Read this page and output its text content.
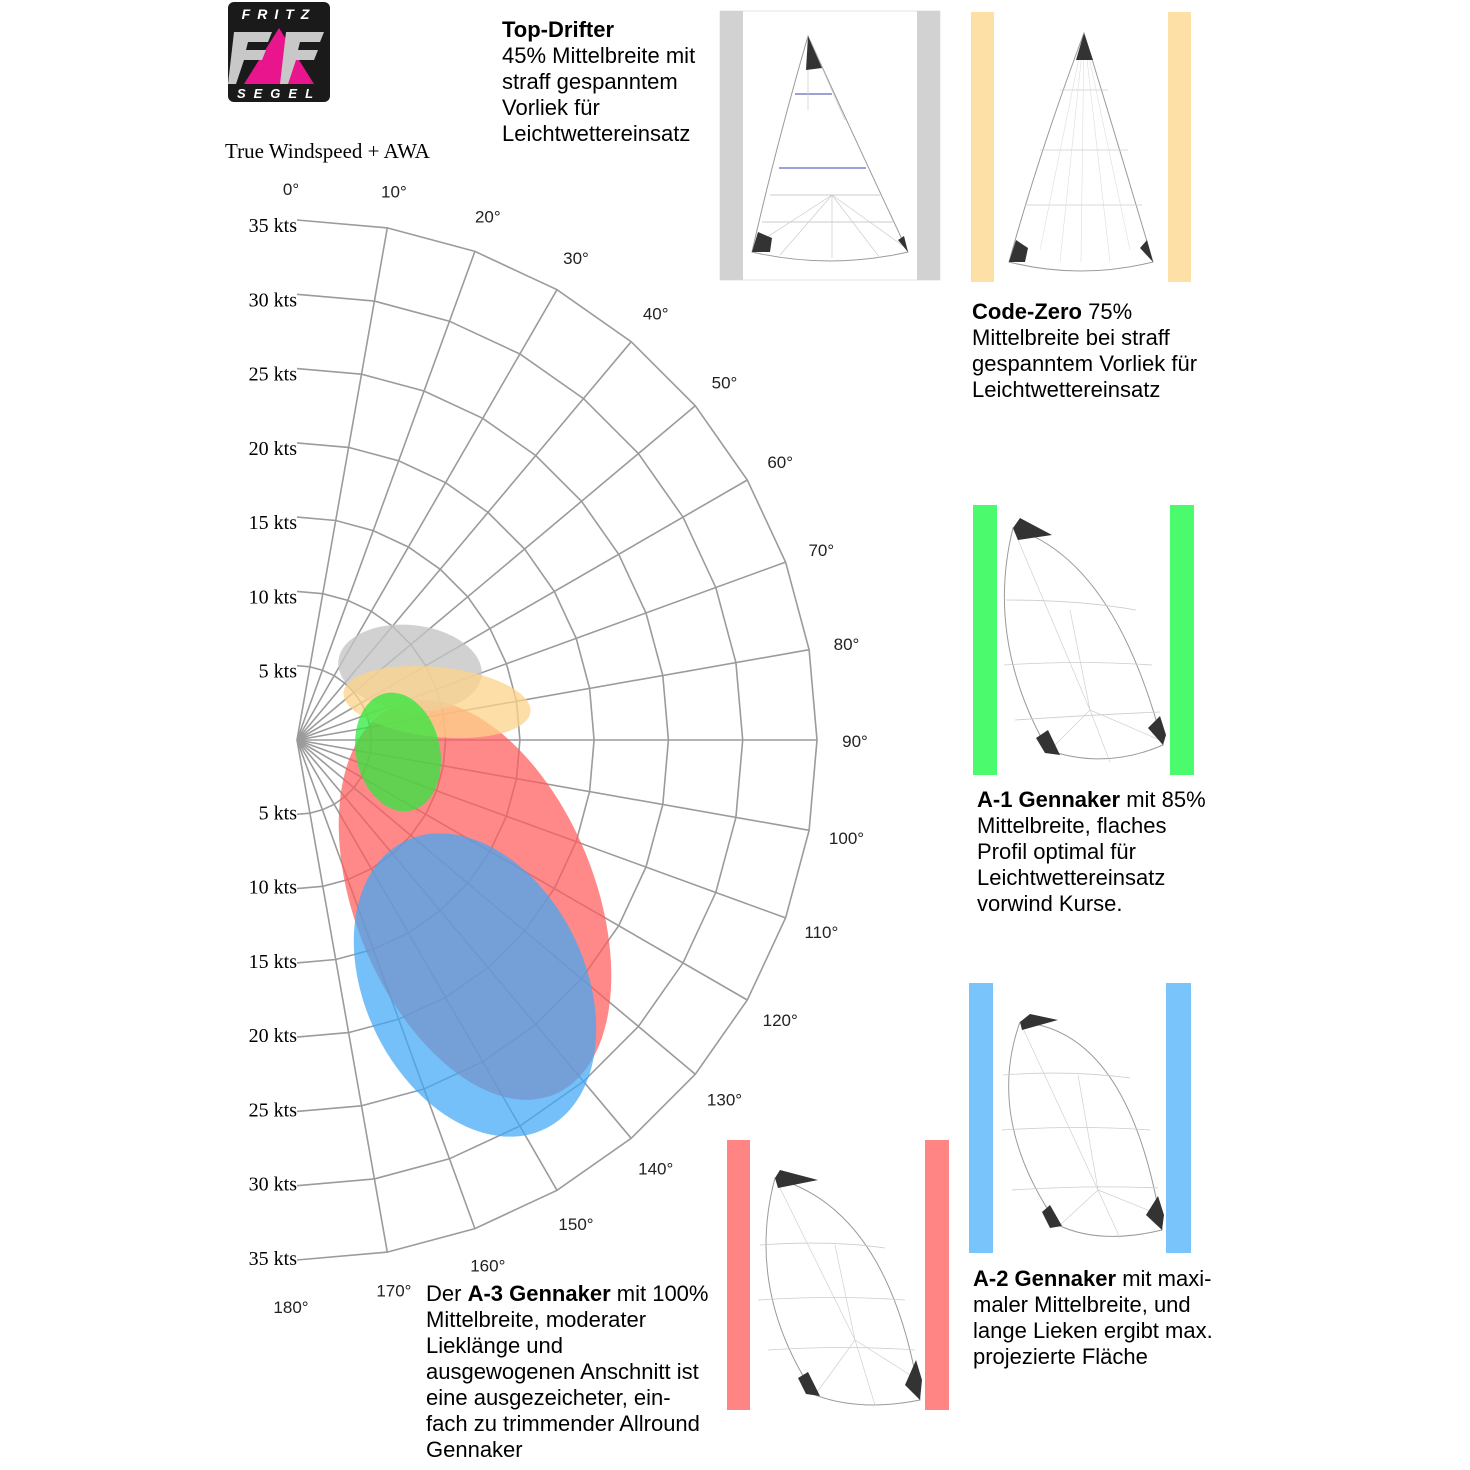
FRITZ
SEGEL
True Windspeed + AWA
0°	10°
20°
30°
40°
50°
60°
70°
80°
90°
100°
110°
120°
130°
140°
150°
160°
170°
180°
35 kts
30 kts
25 kts
20 kts
15 kts
10 kts
5 kts
5 kts
10 kts
15 kts
20 kts
25 kts
30 kts
35 kts
Top-Drifter
45% Mittelbreite mit straff gespanntem Vorliek für Leichtwettereinsatz
Code-Zero 75% Mittelbreite bei straff gespanntem Vorliek für Leichtwettereinsatz
A-1 Gennaker mit 85% Mittelbreite, flaches Profil optimal für Leichtwettereinsatz vorwind Kurse.
A-2 Gennaker mit maxi-maler Mittelbreite, und lange Lieken ergibt max. projezierte Fläche
Der A-3 Gennaker mit 100% Mittelbreite, moderater Lieklänge und ausgewogenen Anschnitt ist eine ausgezeicheter, ein-fach zu trimmender Allround Gennaker
